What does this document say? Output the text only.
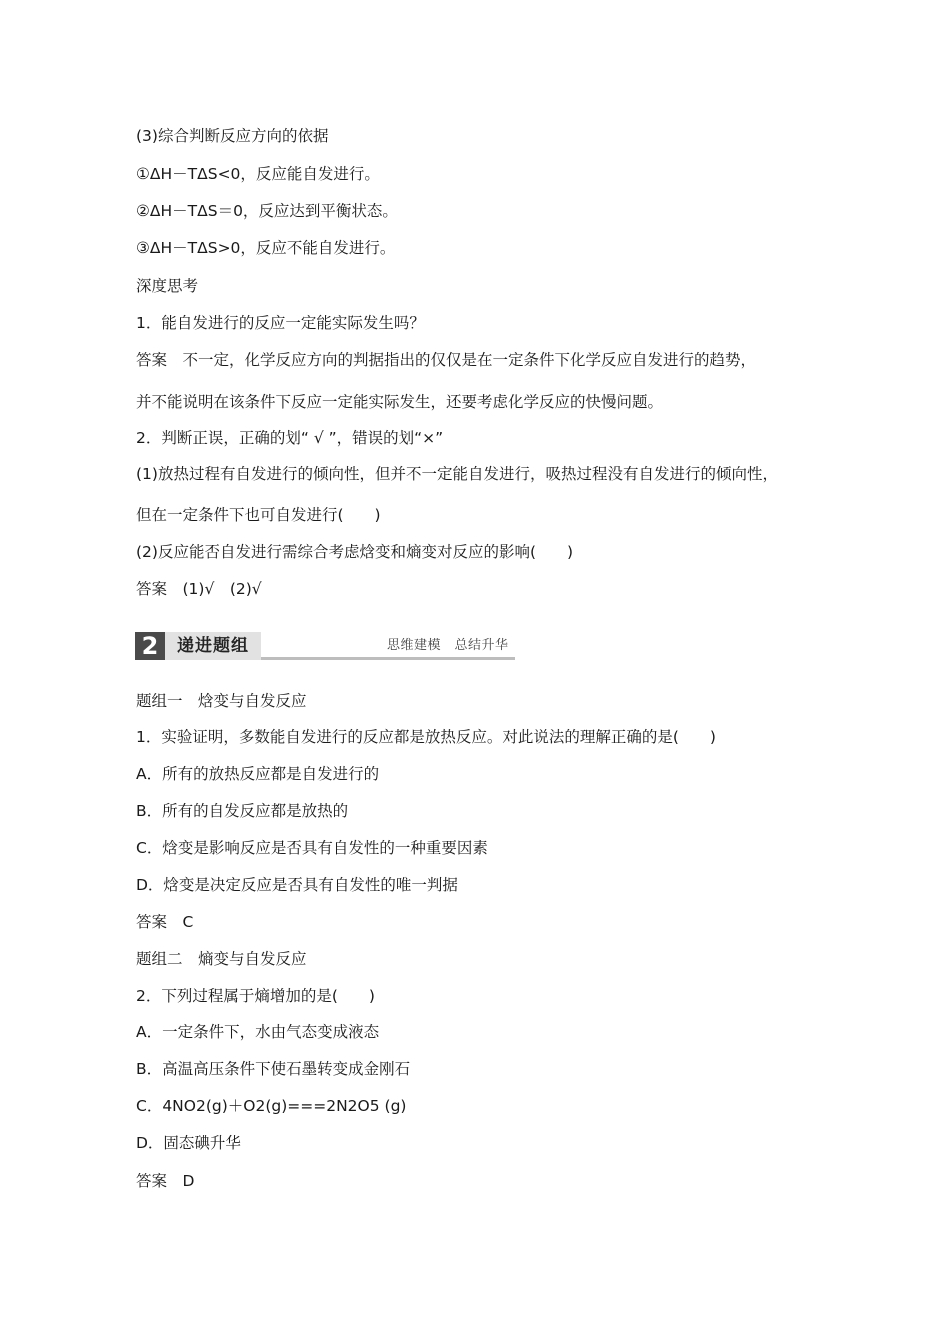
(3)综合判断反应方向的依据

①ΔH－TΔS<0，反应能自发进行。

②ΔH－TΔS＝0，反应达到平衡状态。

③ΔH－TΔS>0，反应不能自发进行。

深度思考

1．能自发进行的反应一定能实际发生吗？

答案　不一定，化学反应方向的判据指出的仅仅是在一定条件下化学反应自发进行的趋势，

并不能说明在该条件下反应一定能实际发生，还要考虑化学反应的快慢问题。

2．判断正误，正确的划“ √ ”，错误的划“×”

(1)放热过程有自发进行的倾向性，但并不一定能自发进行，吸热过程没有自发进行的倾向性，

但在一定条件下也可自发进行(　　)

(2)反应能否自发进行需综合考虑焓变和熵变对反应的影响(　　)

答案　(1)√　(2)√

2	递进题组	思维建模　总结升华

题组一　焓变与自发反应

1．实验证明，多数能自发进行的反应都是放热反应。对此说法的理解正确的是(　　)

A．所有的放热反应都是自发进行的

B．所有的自发反应都是放热的

C．焓变是影响反应是否具有自发性的一种重要因素

D．焓变是决定反应是否具有自发性的唯一判据

答案　C

题组二　熵变与自发反应

2．下列过程属于熵增加的是(　　)

A．一定条件下，水由气态变成液态

B．高温高压条件下使石墨转变成金刚石

C．4NO2(g)＋O2(g)===2N2O5 (g)

D．固态碘升华

答案　D
